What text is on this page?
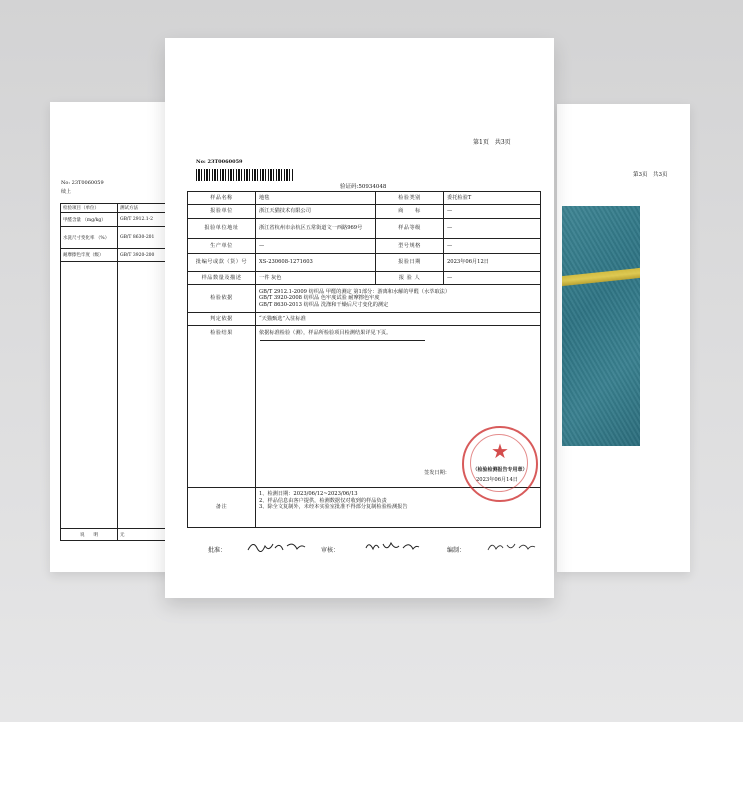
No: 23T0060059
续上
检验项目（单位）	测试方法
甲醛含量 （mg/kg）	GB/T 2912.1-2
水洗尺寸变化率 （%）	GB/T 8630-201
耐摩擦色牢度（级）	GB/T 3920-200

说　　明	无
第3页　共3页
第1页　共3页
No: 23T0060059
验证码:50934048
样品名称	地毯	检验类别	委托检验T
报验单位	浙江天猫技术有限公司	商　　标	—
报验单位地址	浙江省杭州市余杭区五常街道文一西路969号	样品等级	—
生产单位	—	型号规格	—
批编号或款（货）号	XS-230608-1271603	报验日期	2023年06月12日
样品数量及描述	一件 灰色	报 验 人	—
检验依据	GB/T 2912.1-2009 纺织品 甲醛的测定 第1部分：游离和水解的甲醛（水萃取法）
GB/T 3920-2008 纺织品 色牢度试验 耐摩擦色牢度
GB/T 8630-2013 纺织品 洗涤和干燥后尺寸变化的测定		

判定依据	“天猫甄选”入驻标准		
检验结果	依据标准检验（测），样品所检验项目检测结果详见下页。
签发日期：
2023年06月14日		

备注	1、检测日期：2023/06/12~2023/06/13
2、样品信息由客户提供，检测数据仅对收到的样品负责
3、除全文复制外，未经本实验室批准不得部分复制检验检测报告		
★
（检验检测报告专用章）
批准：	审核：	编制：
